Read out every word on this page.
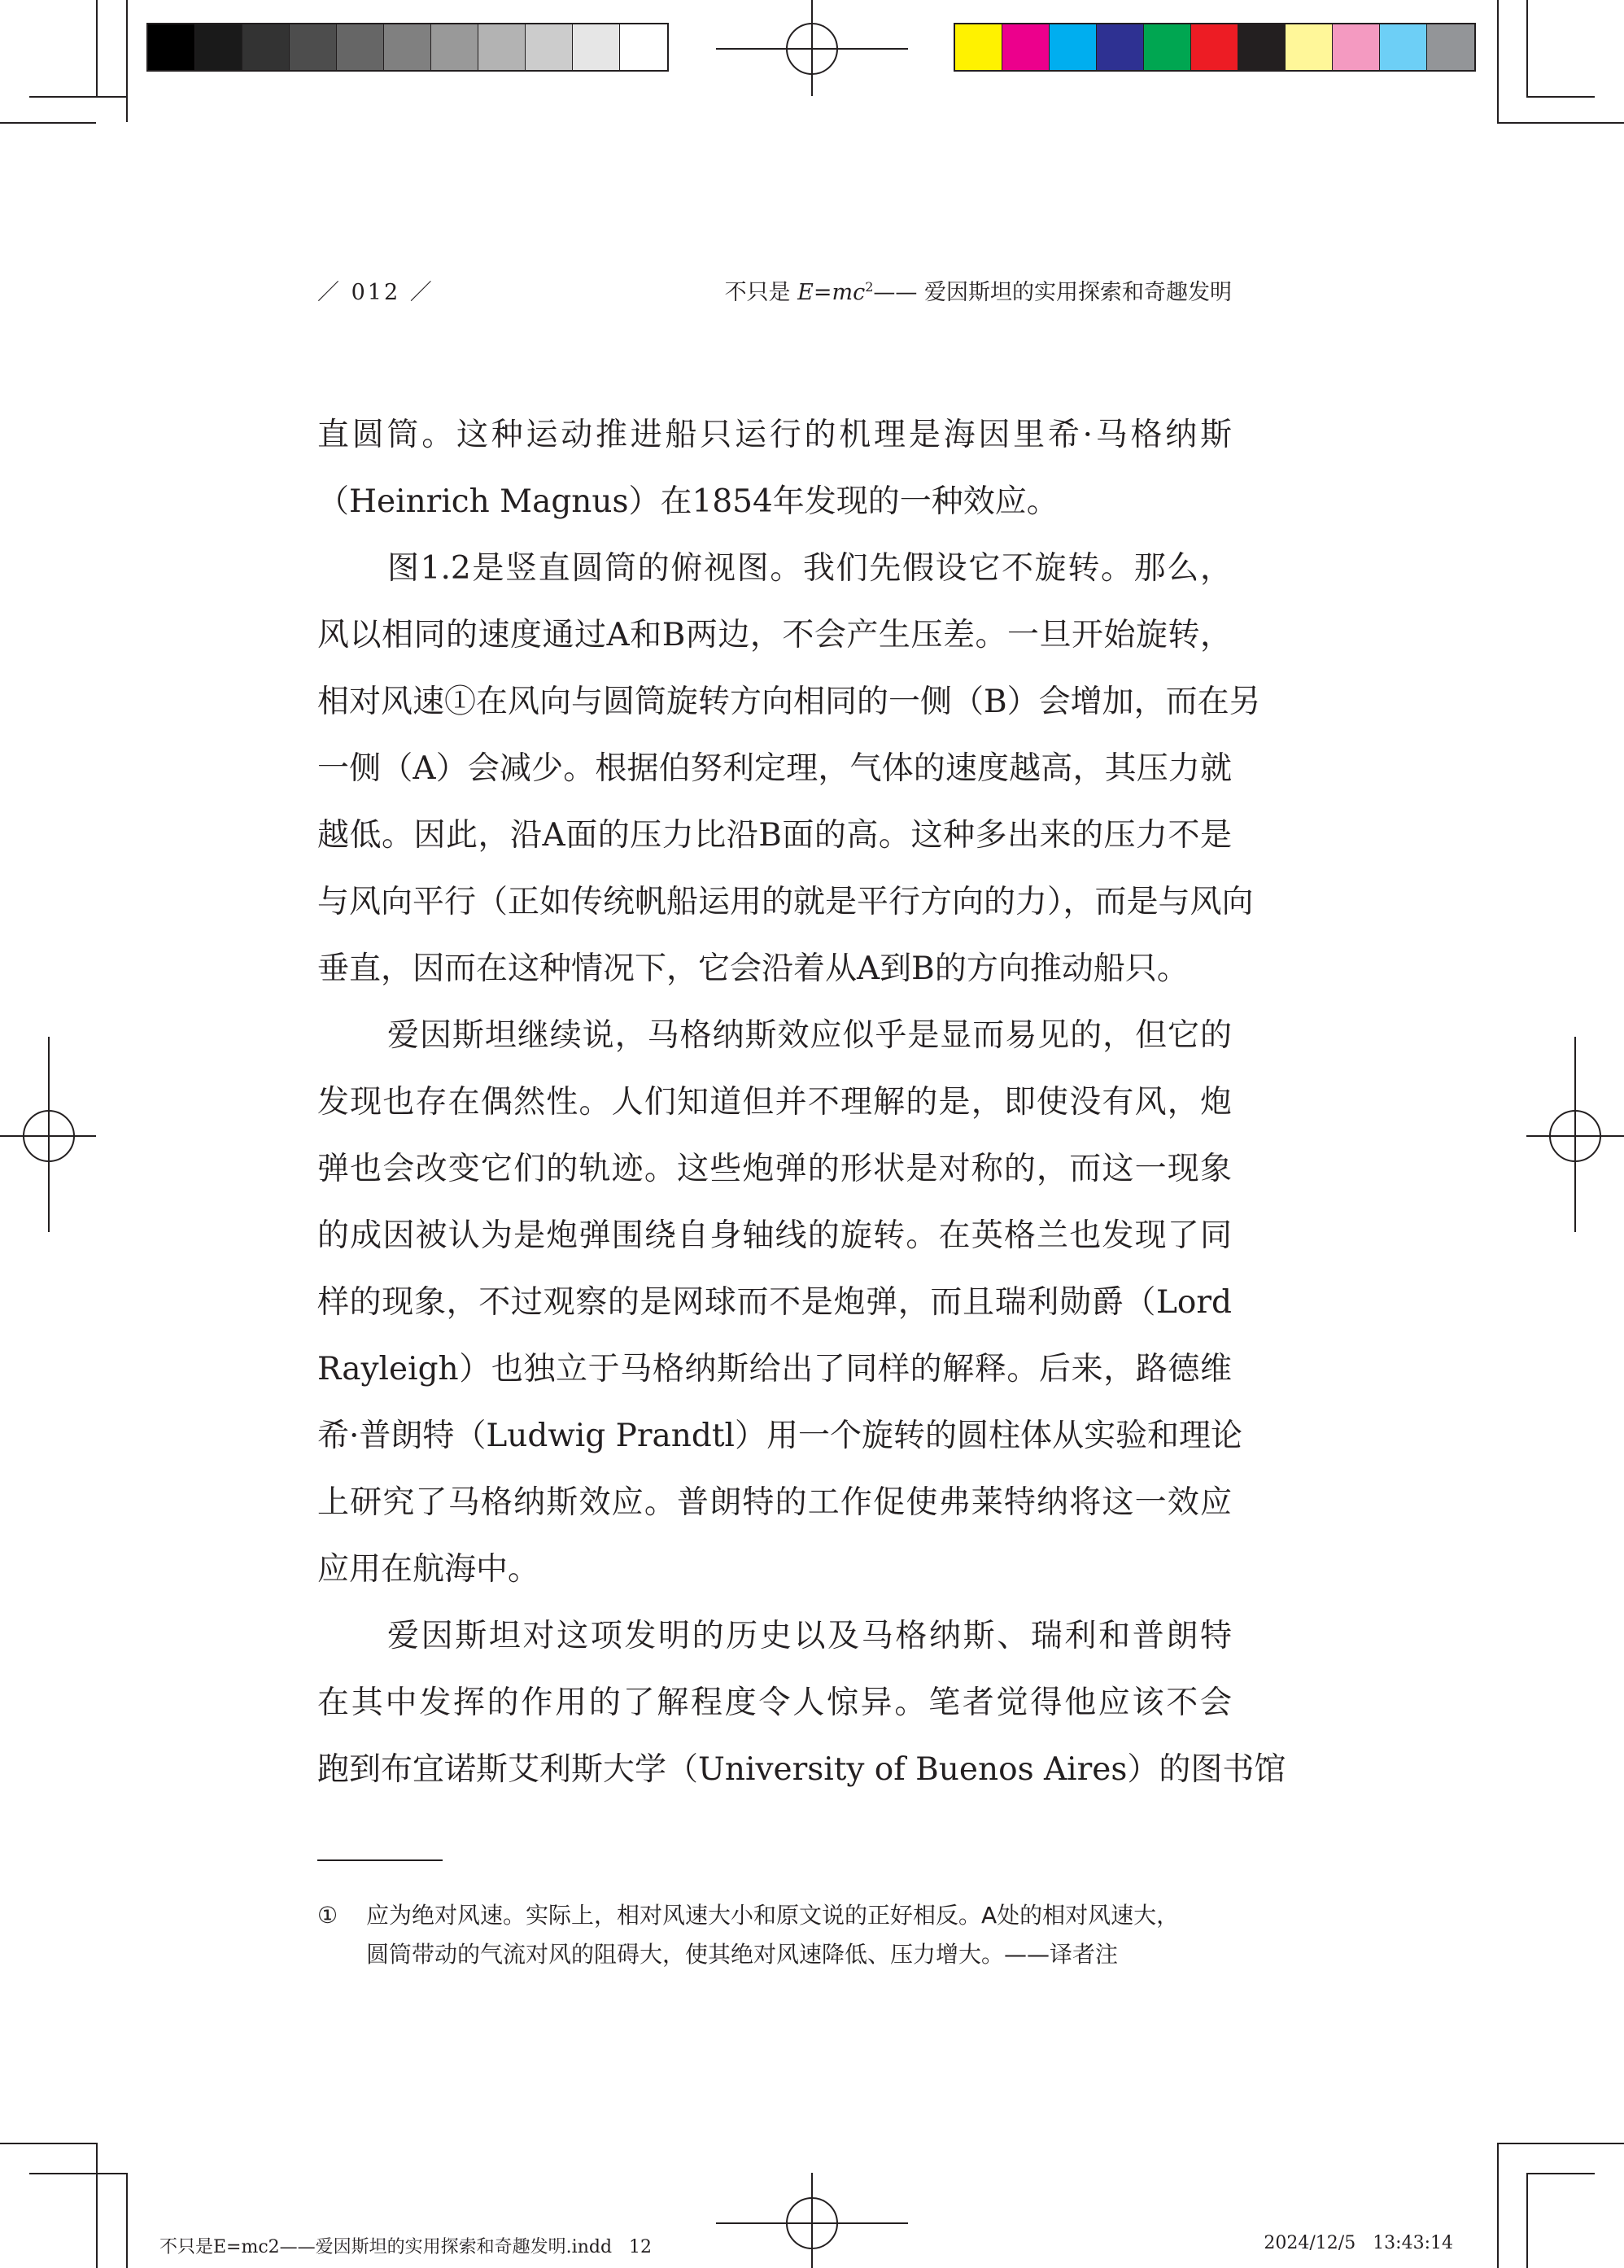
／ 012 ／	不只是 $E=mc^2——$ 爱因斯坦的实用探索和奇趣发明
直圆筒。这种运动推进船只运行的机理是海因里希·马格纳斯
（Heinrich Magnus）在1854年发现的一种效应。
图1.2是竖直圆筒的俯视图。我们先假设它不旋转。那么，
风以相同的速度通过A和B两边，不会产生压差。一旦开始旋转，
相对风速①在风向与圆筒旋转方向相同的一侧（B）会增加，而在另
一侧（A）会减少。根据伯努利定理，气体的速度越高，其压力就
越低。因此，沿A面的压力比沿B面的高。这种多出来的压力不是
与风向平行（正如传统帆船运用的就是平行方向的力），而是与风向
垂直，因而在这种情况下，它会沿着从A到B的方向推动船只。
爱因斯坦继续说，马格纳斯效应似乎是显而易见的，但它的
发现也存在偶然性。人们知道但并不理解的是，即使没有风，炮
弹也会改变它们的轨迹。这些炮弹的形状是对称的，而这一现象
的成因被认为是炮弹围绕自身轴线的旋转。在英格兰也发现了同
样的现象，不过观察的是网球而不是炮弹，而且瑞利勋爵（Lord
Rayleigh）也独立于马格纳斯给出了同样的解释。后来，路德维
希·普朗特（Ludwig Prandtl）用一个旋转的圆柱体从实验和理论
上研究了马格纳斯效应。普朗特的工作促使弗莱特纳将这一效应
应用在航海中。
爱因斯坦对这项发明的历史以及马格纳斯、瑞利和普朗特
在其中发挥的作用的了解程度令人惊异。笔者觉得他应该不会
跑到布宜诺斯艾利斯大学（University of Buenos Aires）的图书馆
① 应为绝对风速。实际上，相对风速大小和原文说的正好相反。A处的相对风速大，
圆筒带动的气流对风的阻碍大，使其绝对风速降低、压力增大。——译者注
不只是E=mc2——爱因斯坦的实用探索和奇趣发明.indd   12	2024/12/5   13:43:14
